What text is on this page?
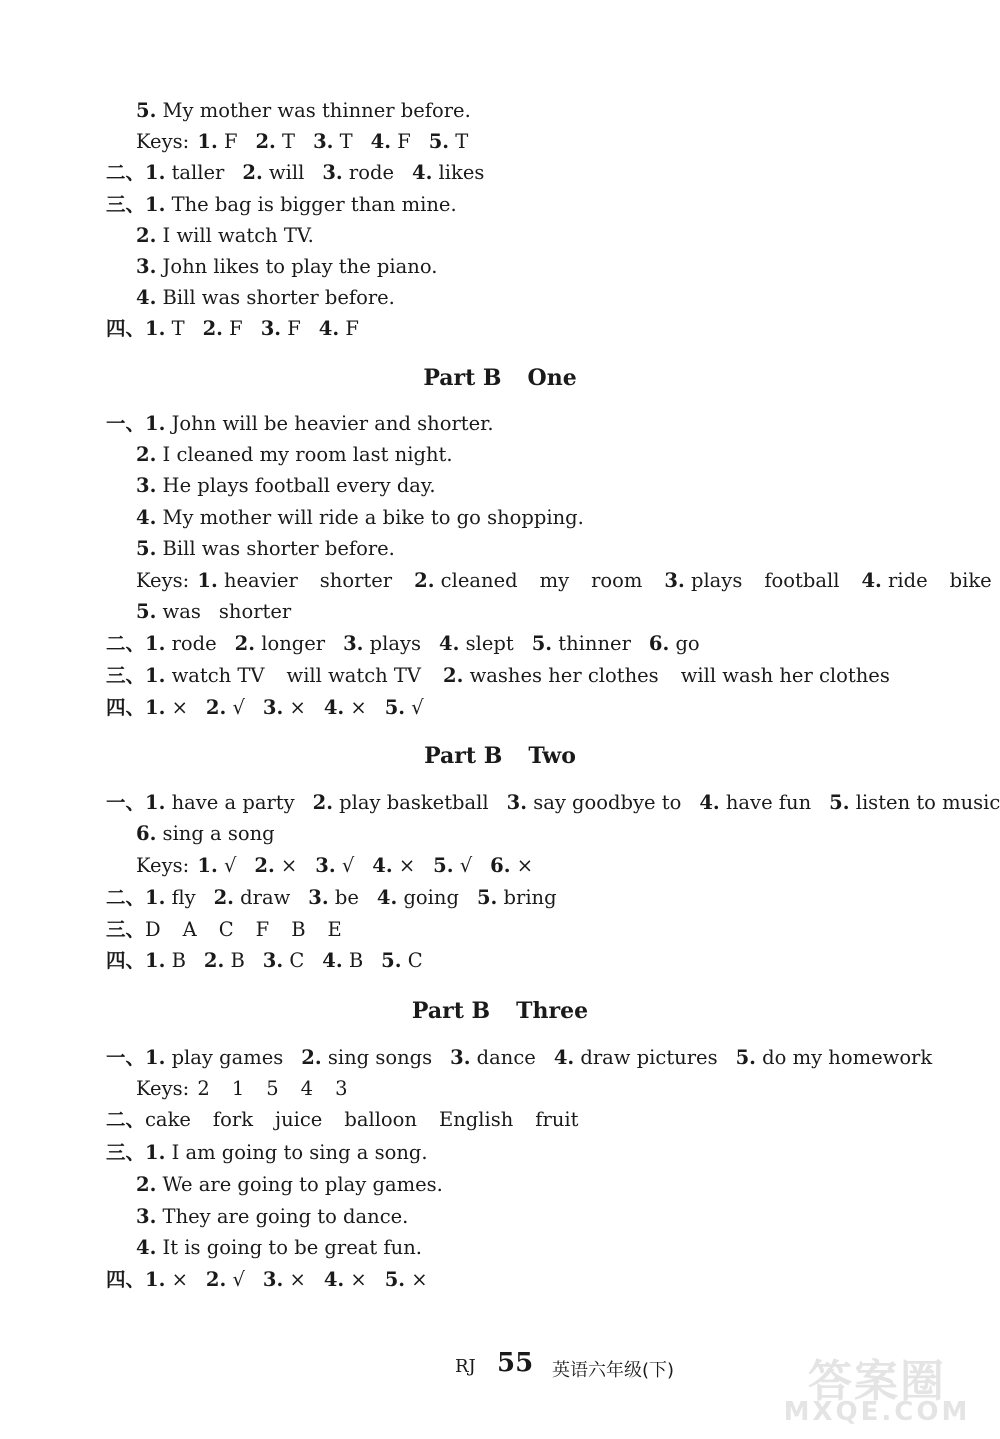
5. My mother was thinner before.
Keys: 1. F 2. T 3. T 4. F 5. T
二、1. taller 2. will 3. rode 4. likes
三、1. The bag is bigger than mine.
2. I will watch TV.
3. John likes to play the piano.
4. Bill was shorter before.
四、1. T 2. F 3. F 4. F
一、1. John will be heavier and shorter.
2. I cleaned my room last night.
3. He plays football every day.
4. My mother will ride a bike to go shopping.
5. Bill was shorter before.
Keys: 1. heavier shorter 2. cleaned my room 3. plays football 4. ride bike
5. was shorter
二、1. rode 2. longer 3. plays 4. slept 5. thinner 6. go
三、1. watch TV will watch TV 2. washes her clothes will wash her clothes
四、1. × 2. √ 3. × 4. × 5. √
一、1. have a party 2. play basketball 3. say goodbye to 4. have fun 5. listen to music
6. sing a song
Keys: 1. √ 2. × 3. √ 4. × 5. √ 6. ×
二、1. fly 2. draw 3. be 4. going 5. bring
三、D A C F B E
四、1. B 2. B 3. C 4. B 5. C
一、1. play games 2. sing songs 3. dance 4. draw pictures 5. do my homework
Keys: 2 1 5 4 3
二、cake fork juice balloon English fruit
三、1. I am going to sing a song.
2. We are going to play games.
3. They are going to dance.
4. It is going to be great fun.
四、1. × 2. √ 3. × 4. × 5. ×
Part B One
Part B Two
Part B Three
RJ 55 英语六年级(下)	答案圈
MXQE.COM
